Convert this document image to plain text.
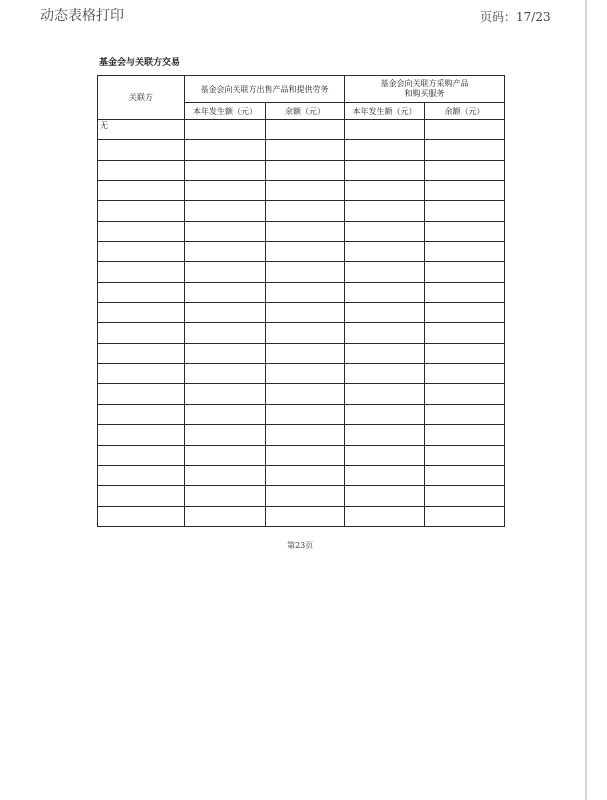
动态表格打印	页码：17/23
基金会与关联方交易
关联方	基金会向关联方出售产品和提供劳务		基金会向关联方采购产品
和购买服务	
	本年发生额（元）	余额（元）	本年发生额（元）	余额（元）
无				

第23页
